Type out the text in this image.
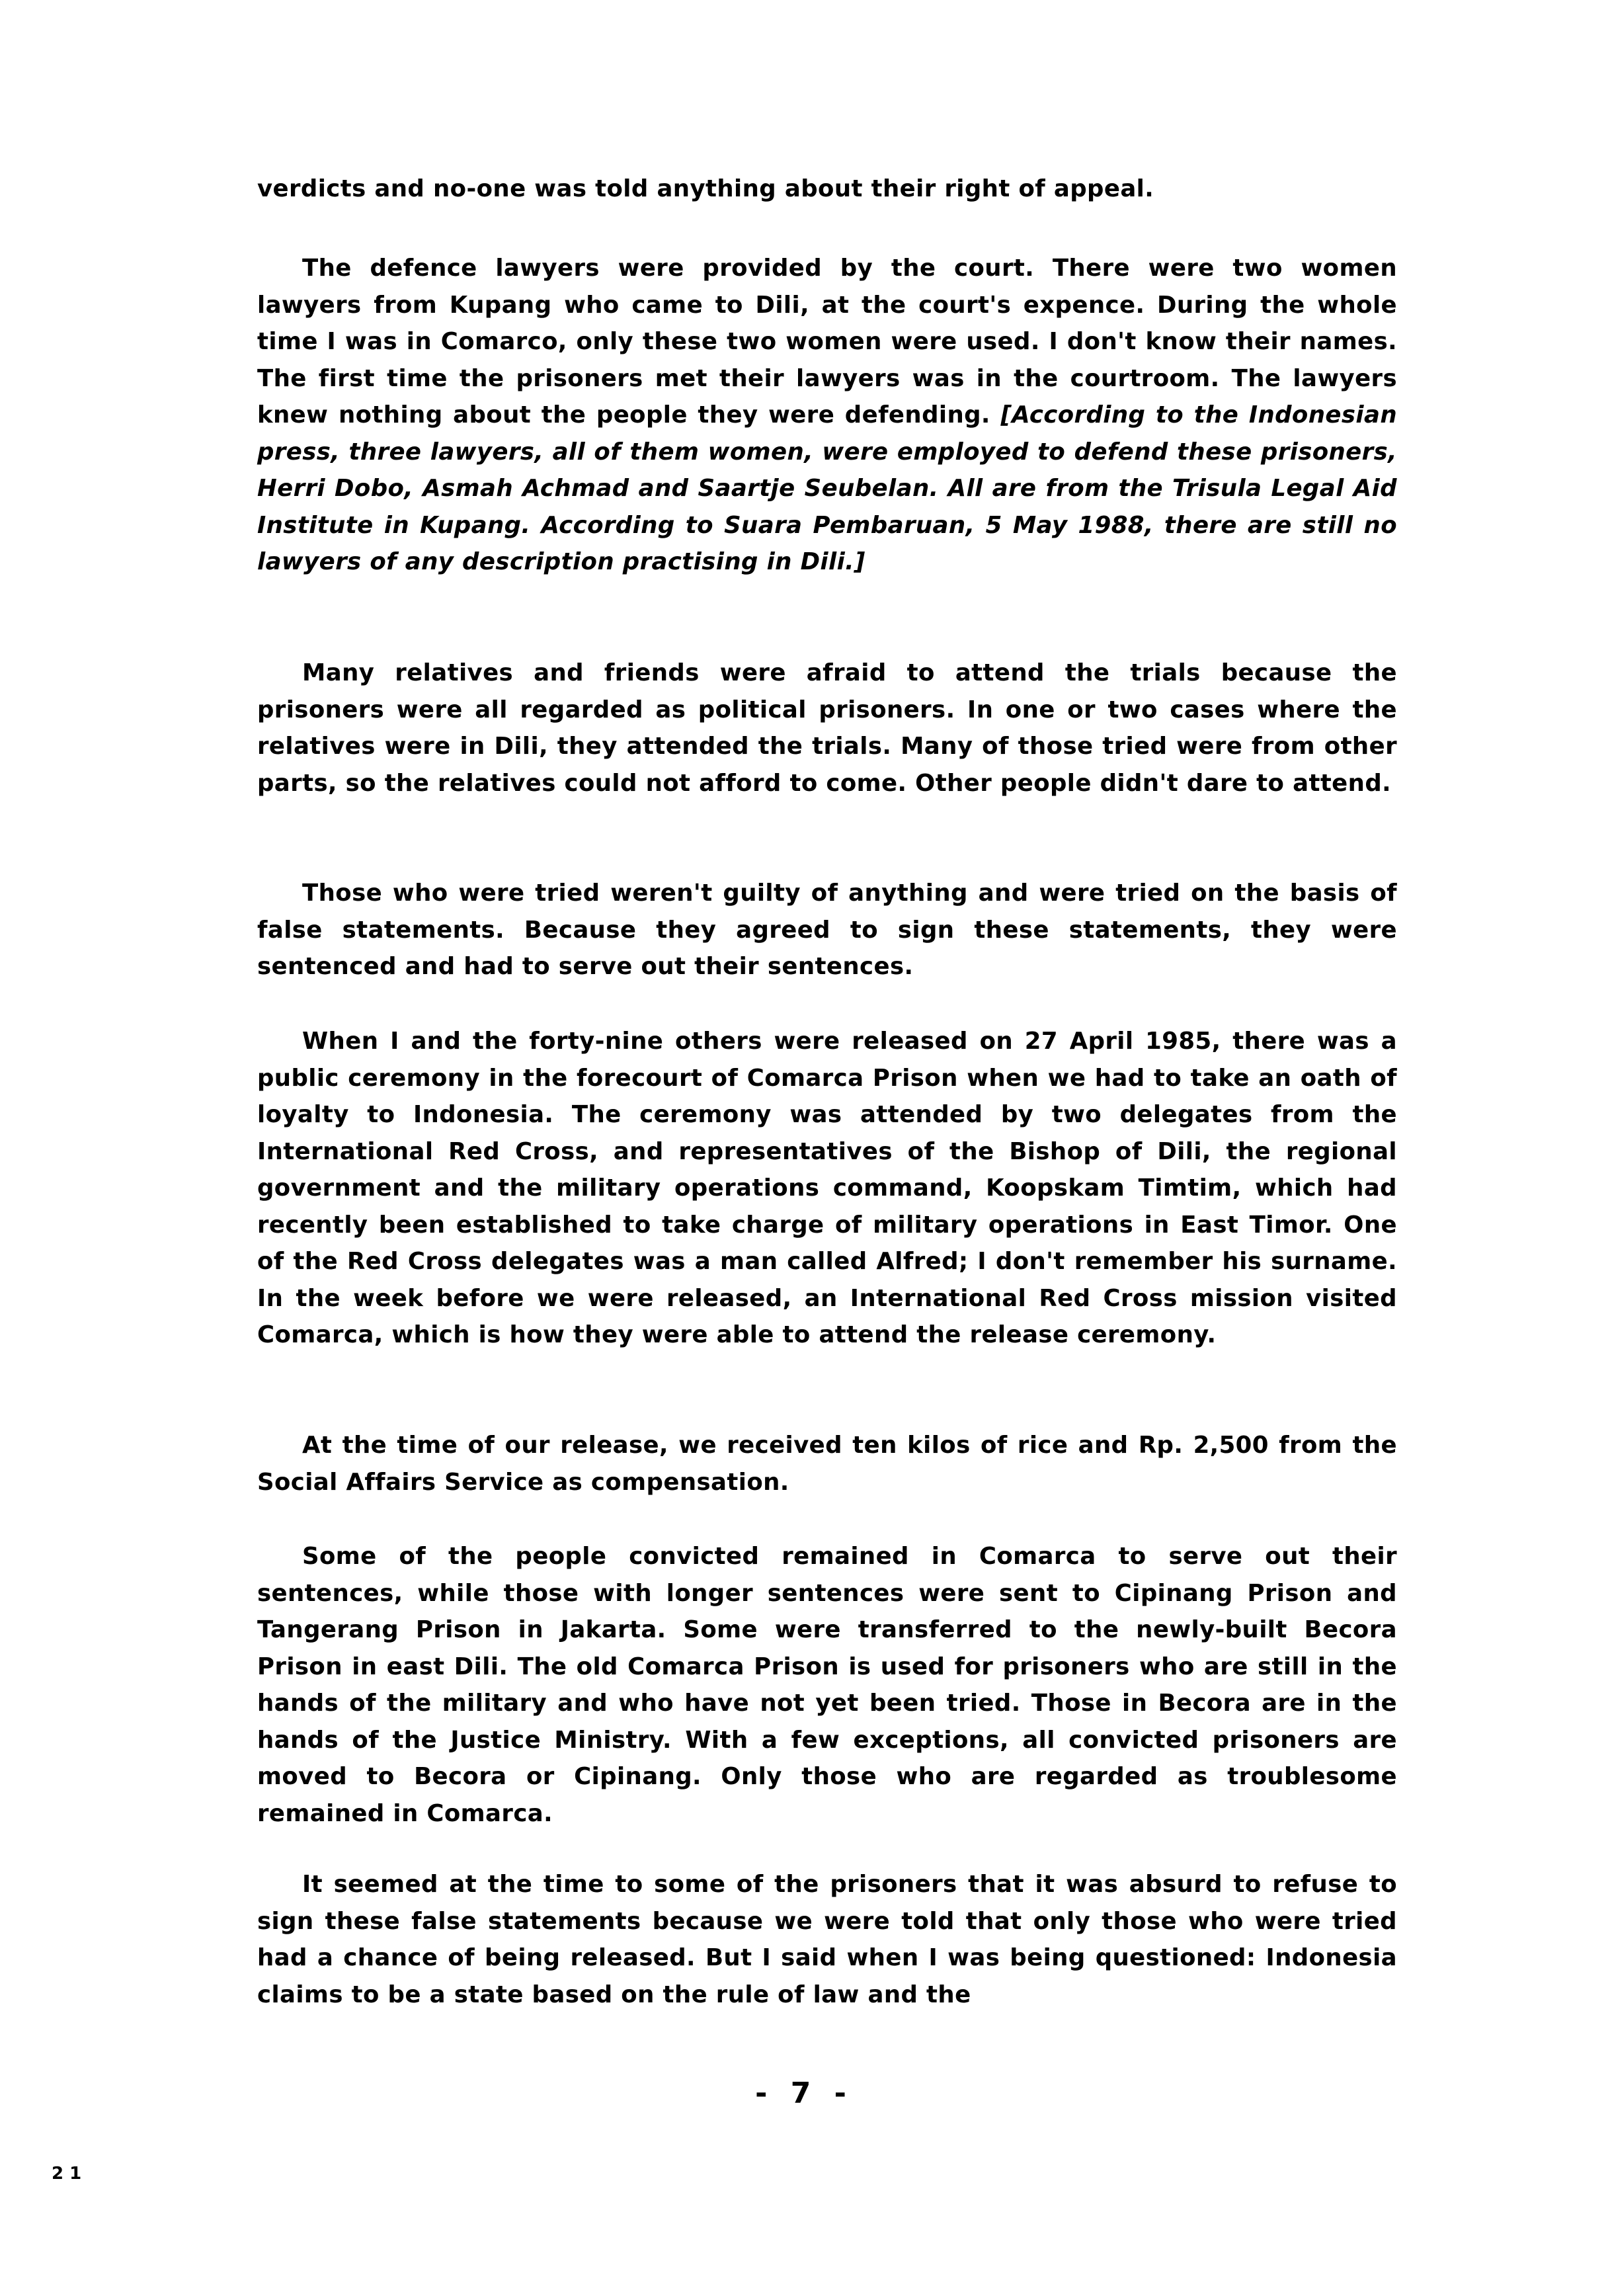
verdicts and no-one was told anything about their right of appeal.

The defence lawyers were provided by the court. There were two women lawyers from Kupang who came to Dili, at the court's expence. During the whole time I was in Comarco, only these two women were used. I don't know their names. The first time the prisoners met their lawyers was in the courtroom. The lawyers knew nothing about the people they were defending. [According to the Indonesian press, three lawyers, all of them women, were employed to defend these prisoners, Herri Dobo, Asmah Achmad and Saartje Seubelan. All are from the Trisula Legal Aid Institute in Kupang. According to Suara Pembaruan, 5 May 1988, there are still no lawyers of any description practising in Dili.]

Many relatives and friends were afraid to attend the trials because the prisoners were all regarded as political prisoners. In one or two cases where the relatives were in Dili, they attended the trials. Many of those tried were from other parts, so the relatives could not afford to come. Other people didn't dare to attend.

Those who were tried weren't guilty of anything and were tried on the basis of false statements. Because they agreed to sign these statements, they were sentenced and had to serve out their sentences.

When I and the forty-nine others were released on 27 April 1985, there was a public ceremony in the forecourt of Comarca Prison when we had to take an oath of loyalty to Indonesia. The ceremony was attended by two delegates from the International Red Cross, and representatives of the Bishop of Dili, the regional government and the military operations command, Koopskam Timtim, which had recently been established to take charge of military operations in East Timor. One of the Red Cross delegates was a man called Alfred; I don't remember his surname. In the week before we were released, an International Red Cross mission visited Comarca, which is how they were able to attend the release ceremony.

At the time of our release, we received ten kilos of rice and Rp. 2,500 from the Social Affairs Service as compensation.

Some of the people convicted remained in Comarca to serve out their sentences, while those with longer sentences were sent to Cipinang Prison and Tangerang Prison in Jakarta. Some were transferred to the newly-built Becora Prison in east Dili. The old Comarca Prison is used for prisoners who are still in the hands of the military and who have not yet been tried. Those in Becora are in the hands of the Justice Ministry. With a few exceptions, all convicted prisoners are moved to Becora or Cipinang. Only those who are regarded as troublesome remained in Comarca.

It seemed at the time to some of the prisoners that it was absurd to refuse to sign these false statements because we were told that only those who were tried had a chance of being released. But I said when I was being questioned: Indonesia claims to be a state based on the rule of law and the

- 7 -

2 1
